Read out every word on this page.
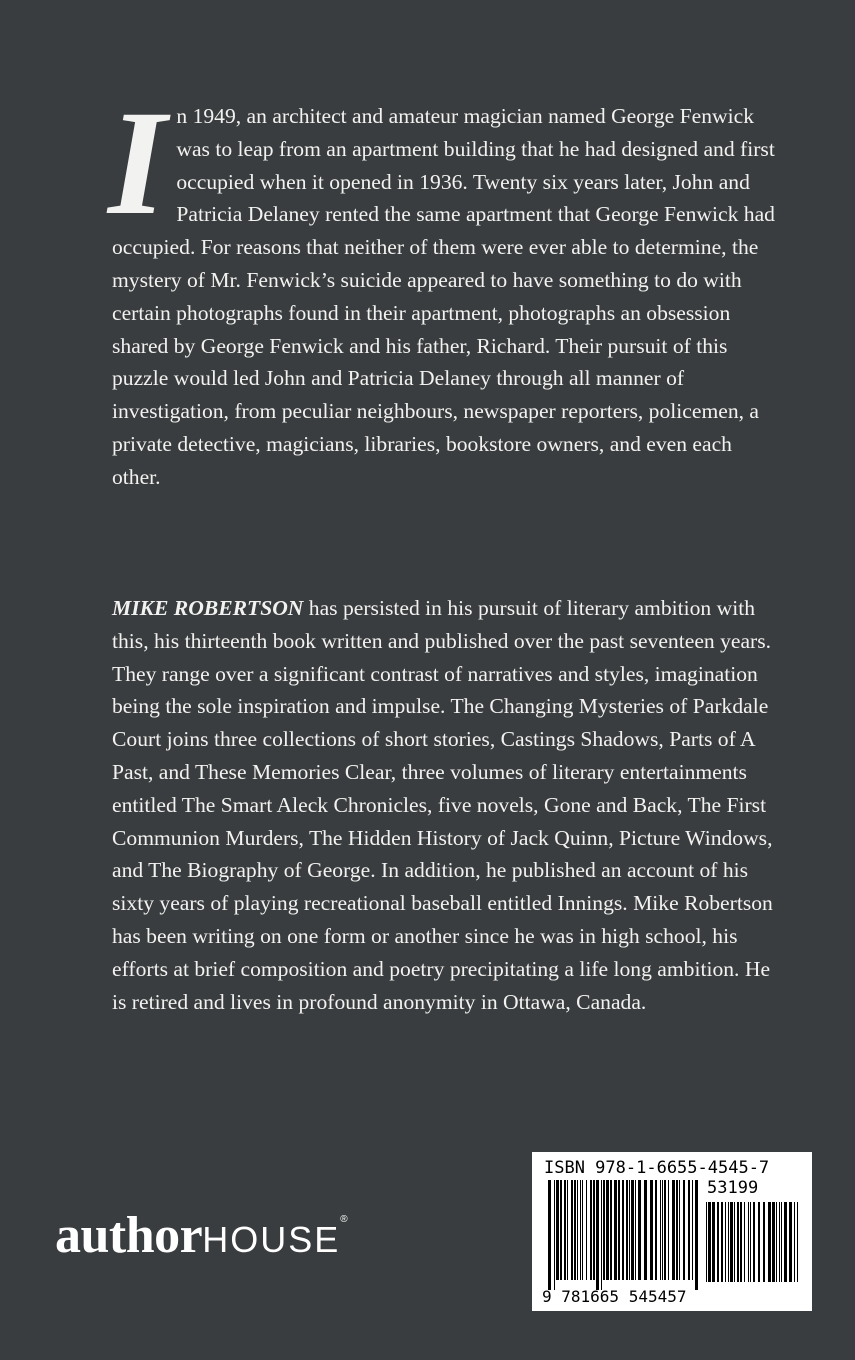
In 1949, an architect and amateur magician named George Fenwick was to leap from an apartment building that he had designed and first occupied when it opened in 1936. Twenty six years later, John and Patricia Delaney rented the same apartment that George Fenwick had occupied. For reasons that neither of them were ever able to determine, the mystery of Mr. Fenwick’s suicide appeared to have something to do with certain photographs found in their apartment, photographs an obsession shared by George Fenwick and his father, Richard. Their pursuit of this puzzle would led John and Patricia Delaney through all manner of investigation, from peculiar neighbours, newspaper reporters, policemen, a private detective, magicians, libraries, bookstore owners, and even each other.
MIKE ROBERTSON has persisted in his pursuit of literary ambition with this, his thirteenth book written and published over the past seventeen years. They range over a significant contrast of narratives and styles, imagination being the sole inspiration and impulse. The Changing Mysteries of Parkdale Court joins three collections of short stories, Castings Shadows, Parts of A Past, and These Memories Clear, three volumes of literary entertainments entitled The Smart Aleck Chronicles, five novels, Gone and Back, The First Communion Murders, The Hidden History of Jack Quinn, Picture Windows, and The Biography of George. In addition, he published an account of his sixty years of playing recreational baseball entitled Innings. Mike Robertson has been writing on one form or another since he was in high school, his efforts at brief composition and poetry precipitating a life long ambition. He is retired and lives in profound anonymity in Ottawa, Canada.
authorHOUSE®
ISBN 978-1-6655-4545-7
53199
9 781665 545457
